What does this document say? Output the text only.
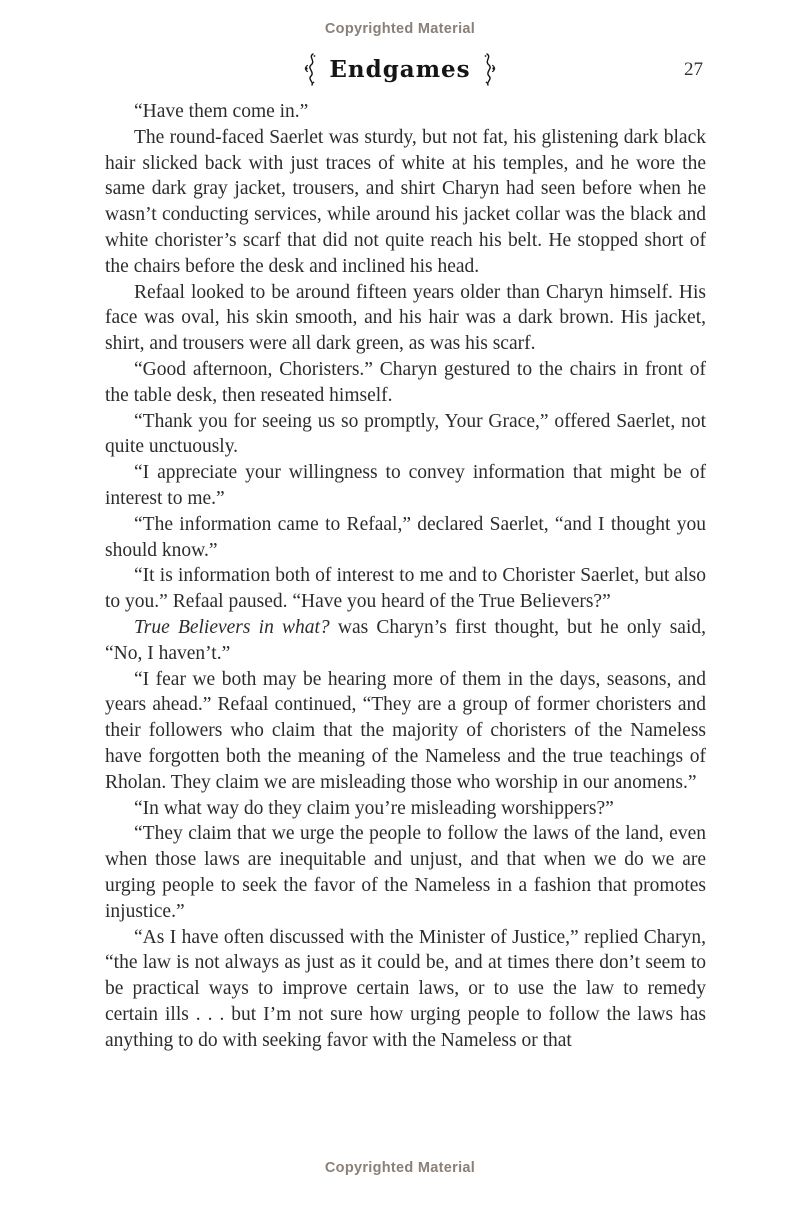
Copyrighted Material
Endgames	27

“Have them come in.”

The round-faced Saerlet was sturdy, but not fat, his glistening dark black hair slicked back with just traces of white at his temples, and he wore the same dark gray jacket, trousers, and shirt Charyn had seen before when he wasn’t conducting services, while around his jacket collar was the black and white chorister’s scarf that did not quite reach his belt. He stopped short of the chairs before the desk and inclined his head.

Refaal looked to be around fifteen years older than Charyn himself. His face was oval, his skin smooth, and his hair was a dark brown. His jacket, shirt, and trousers were all dark green, as was his scarf.

“Good afternoon, Choristers.” Charyn gestured to the chairs in front of the table desk, then reseated himself.

“Thank you for seeing us so promptly, Your Grace,” offered Saerlet, not quite unctuously.

“I appreciate your willingness to convey information that might be of interest to me.”

“The information came to Refaal,” declared Saerlet, “and I thought you should know.”

“It is information both of interest to me and to Chorister Saerlet, but also to you.” Refaal paused. “Have you heard of the True Believers?”

True Believers in what? was Charyn’s first thought, but he only said, “No, I haven’t.”

“I fear we both may be hearing more of them in the days, seasons, and years ahead.” Refaal continued, “They are a group of former choristers and their followers who claim that the majority of choristers of the Nameless have forgotten both the meaning of the Nameless and the true teachings of Rholan. They claim we are misleading those who worship in our anomens.”

“In what way do they claim you’re misleading worshippers?”

“They claim that we urge the people to follow the laws of the land, even when those laws are inequitable and unjust, and that when we do we are urging people to seek the favor of the Nameless in a fashion that promotes injustice.”

“As I have often discussed with the Minister of Justice,” replied Charyn, “the law is not always as just as it could be, and at times there don’t seem to be practical ways to improve certain laws, or to use the law to remedy certain ills . . . but I’m not sure how urging people to follow the laws has anything to do with seeking favor with the Nameless or that

Copyrighted Material
